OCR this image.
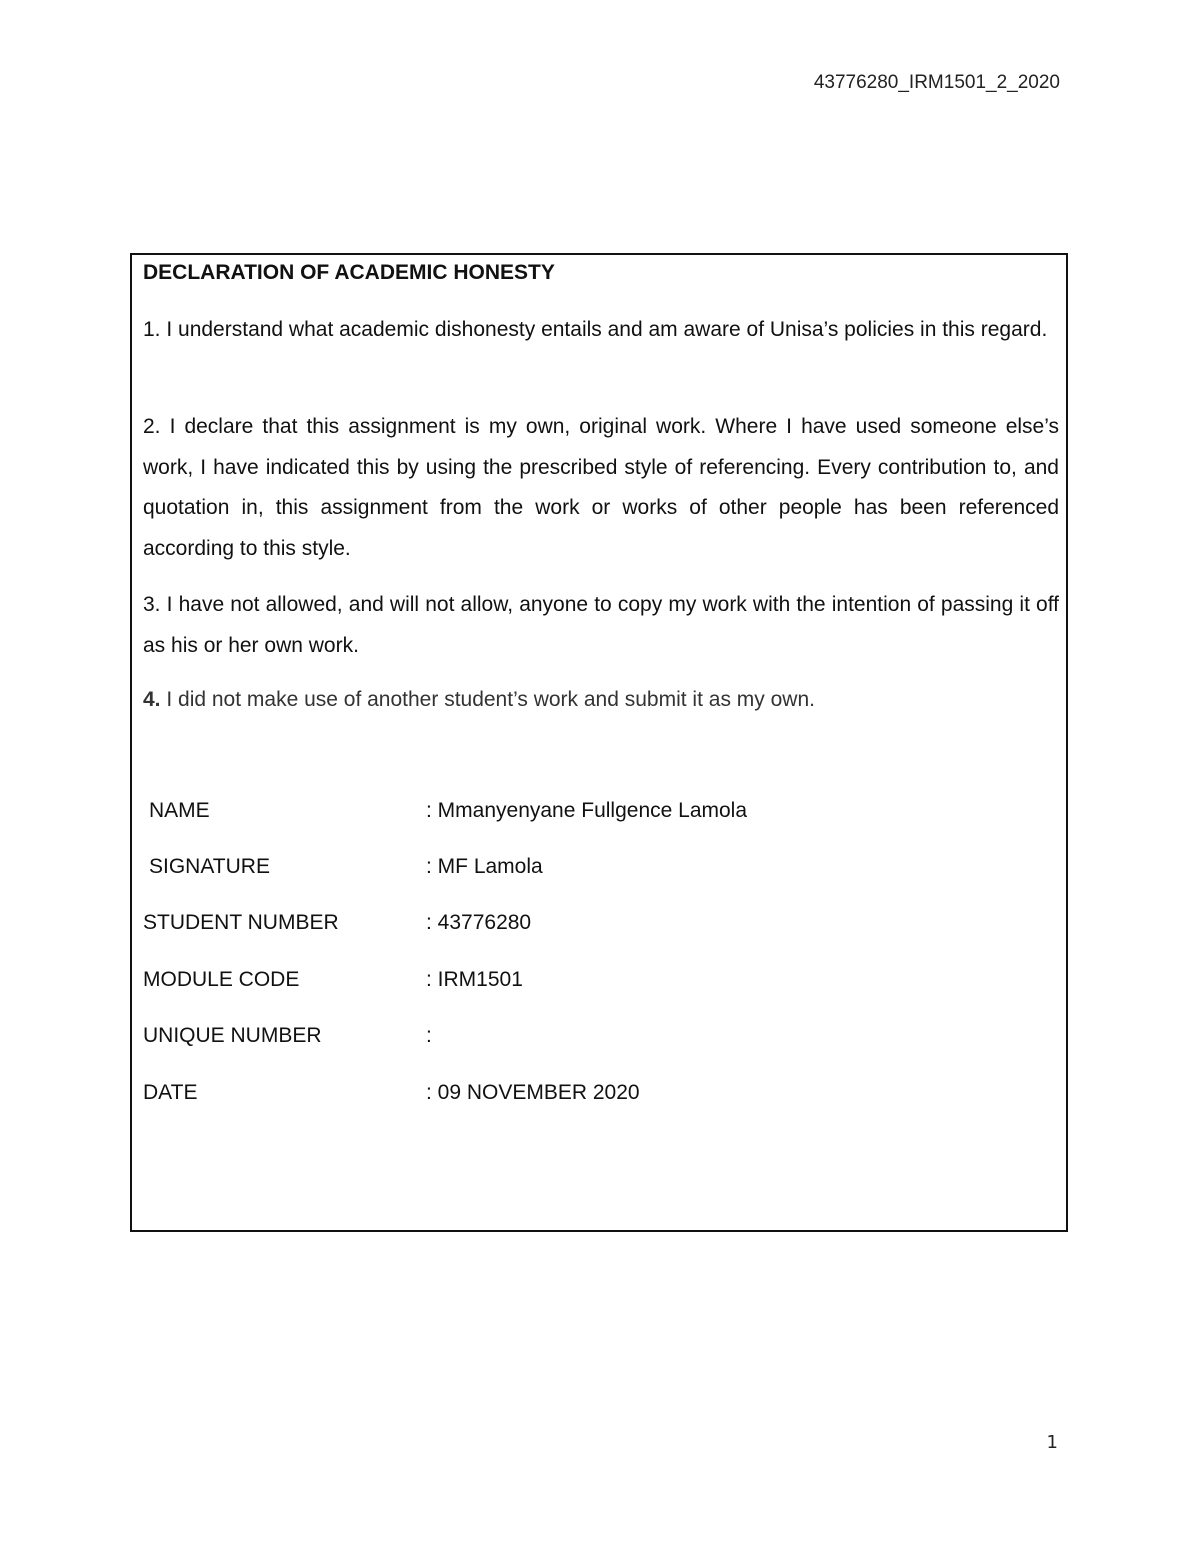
43776280_IRM1501_2_2020
DECLARATION OF ACADEMIC HONESTY
1. I understand what academic dishonesty entails and am aware of Unisa’s policies in this regard.
2. I declare that this assignment is my own, original work. Where I have used someone else’s work, I have indicated this by using the prescribed style of referencing. Every contribution to, and quotation in, this assignment from the work or works of other people has been referenced according to this style.
3. I have not allowed, and will not allow, anyone to copy my work with the intention of passing it off as his or her own work.
4. I did not make use of another student’s work and submit it as my own.
NAME	: Mmanyenyane Fullgence Lamola
SIGNATURE	: MF Lamola
STUDENT NUMBER	: 43776280
MODULE CODE	: IRM1501
UNIQUE NUMBER	:
DATE	: 09 NOVEMBER 2020
1
